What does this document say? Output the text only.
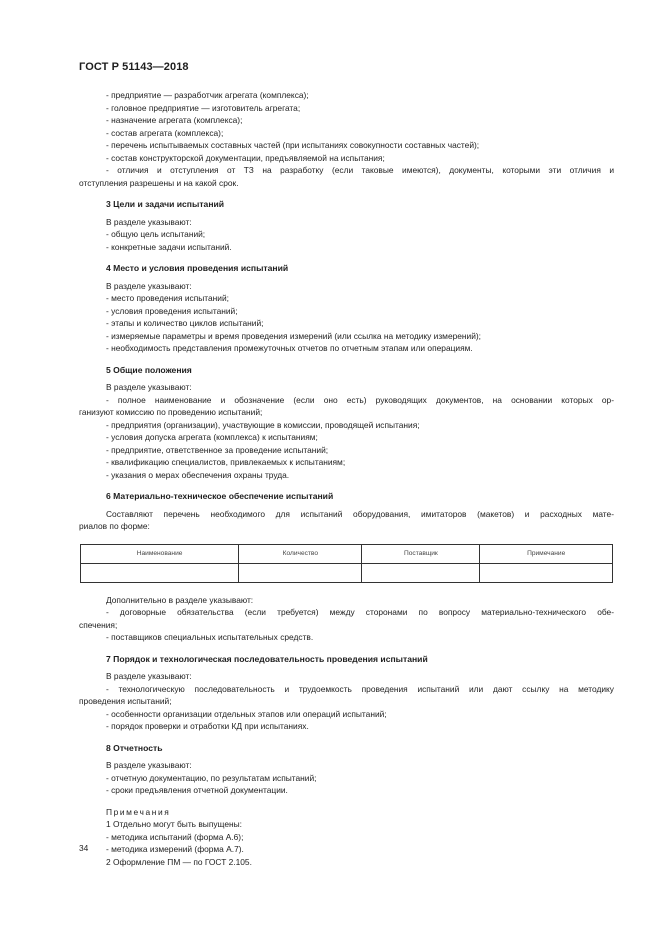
ГОСТ Р 51143—2018
- предприятие — разработчик агрегата (комплекса);
- головное предприятие — изготовитель агрегата;
- назначение агрегата (комплекса);
- состав агрегата (комплекса);
- перечень испытываемых составных частей (при испытаниях совокупности составных частей);
- состав конструкторской документации, предъявляемой на испытания;
- отличия и отступления от ТЗ на разработку (если таковые имеются), документы, которыми эти отличия и
отступления разрешены и на какой срок.
3 Цели и задачи испытаний
В разделе указывают:
- общую цель испытаний;
- конкретные задачи испытаний.
4 Место и условия проведения испытаний
В разделе указывают:
- место проведения испытаний;
- условия проведения испытаний;
- этапы и количество циклов испытаний;
- измеряемые параметры и время проведения измерений (или ссылка на методику измерений);
- необходимость представления промежуточных отчетов по отчетным этапам или операциям.
5 Общие положения
В разделе указывают:
- полное наименование и обозначение (если оно есть) руководящих документов, на основании которых ор-
ганизуют комиссию по проведению испытаний;
- предприятия (организации), участвующие в комиссии, проводящей испытания;
- условия допуска агрегата (комплекса) к испытаниям;
- предприятие, ответственное за проведение испытаний;
- квалификацию специалистов, привлекаемых к испытаниям;
- указания о мерах обеспечения охраны труда.
6 Материально-техническое обеспечение испытаний
Составляют перечень необходимого для испытаний оборудования, имитаторов (макетов) и расходных мате-
риалов по форме:
Наименование	Количество	Поставщик	Примечание

Дополнительно в разделе указывают:
- договорные обязательства (если требуется) между сторонами по вопросу материально-технического обе-
спечения;
- поставщиков специальных испытательных средств.
7 Порядок и технологическая последовательность проведения испытаний
В разделе указывают:
- технологическую последовательность и трудоемкость проведения испытаний или дают ссылку на методику
проведения испытаний;
- особенности организации отдельных этапов или операций испытаний;
- порядок проверки и отработки КД при испытаниях.
8 Отчетность
В разделе указывают:
- отчетную документацию, по результатам испытаний;
- сроки предъявления отчетной документации.
Примечания
1 Отдельно могут быть выпущены:
- методика испытаний (форма А.6);
- методика измерений (форма А.7).
2 Оформление ПМ — по ГОСТ 2.105.
34
